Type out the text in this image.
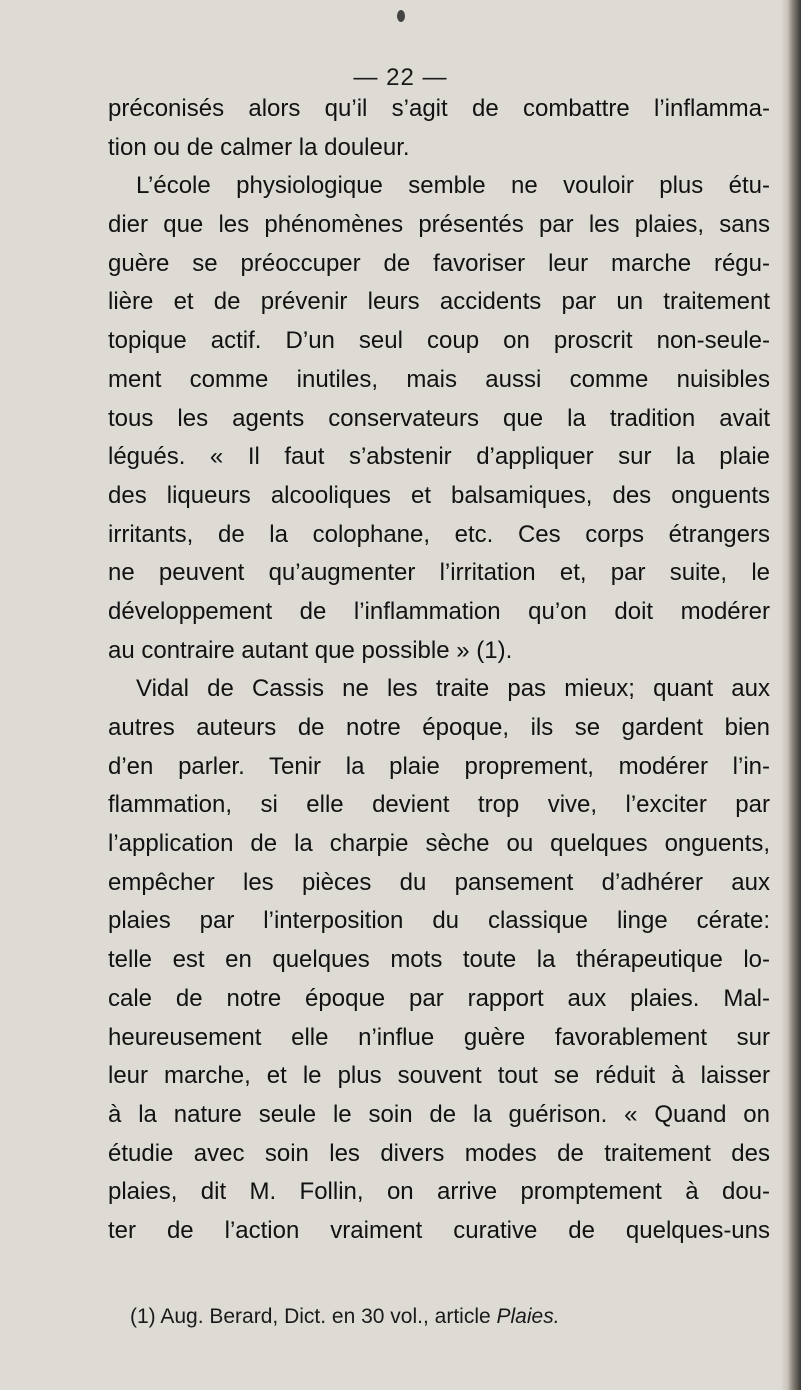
— 22 —
préconisés alors qu’il s’agit de combattre l’inflamma-
tion ou de calmer la douleur.
L’école physiologique semble ne vouloir plus étu-
dier que les phénomènes présentés par les plaies, sans
guère se préoccuper de favoriser leur marche régu-
lière et de prévenir leurs accidents par un traitement
topique actif. D’un seul coup on proscrit non-seule-
ment comme inutiles, mais aussi comme nuisibles
tous les agents conservateurs que la tradition avait
légués. « Il faut s’abstenir d’appliquer sur la plaie
des liqueurs alcooliques et balsamiques, des onguents
irritants, de la colophane, etc. Ces corps étrangers
ne peuvent qu’augmenter l’irritation et, par suite, le
développement de l’inflammation qu’on doit modérer
au contraire autant que possible » (1).
Vidal de Cassis ne les traite pas mieux; quant aux
autres auteurs de notre époque, ils se gardent bien
d’en parler. Tenir la plaie proprement, modérer l’in-
flammation, si elle devient trop vive, l’exciter par
l’application de la charpie sèche ou quelques onguents,
empêcher les pièces du pansement d’adhérer aux
plaies par l’interposition du classique linge cérate:
telle est en quelques mots toute la thérapeutique lo-
cale de notre époque par rapport aux plaies. Mal-
heureusement elle n’influe guère favorablement sur
leur marche, et le plus souvent tout se réduit à laisser
à la nature seule le soin de la guérison. « Quand on
étudie avec soin les divers modes de traitement des
plaies, dit M. Follin, on arrive promptement à dou-
ter de l’action vraiment curative de quelques-uns
(1) Aug. Berard, Dict. en 30 vol., article Plaies.
